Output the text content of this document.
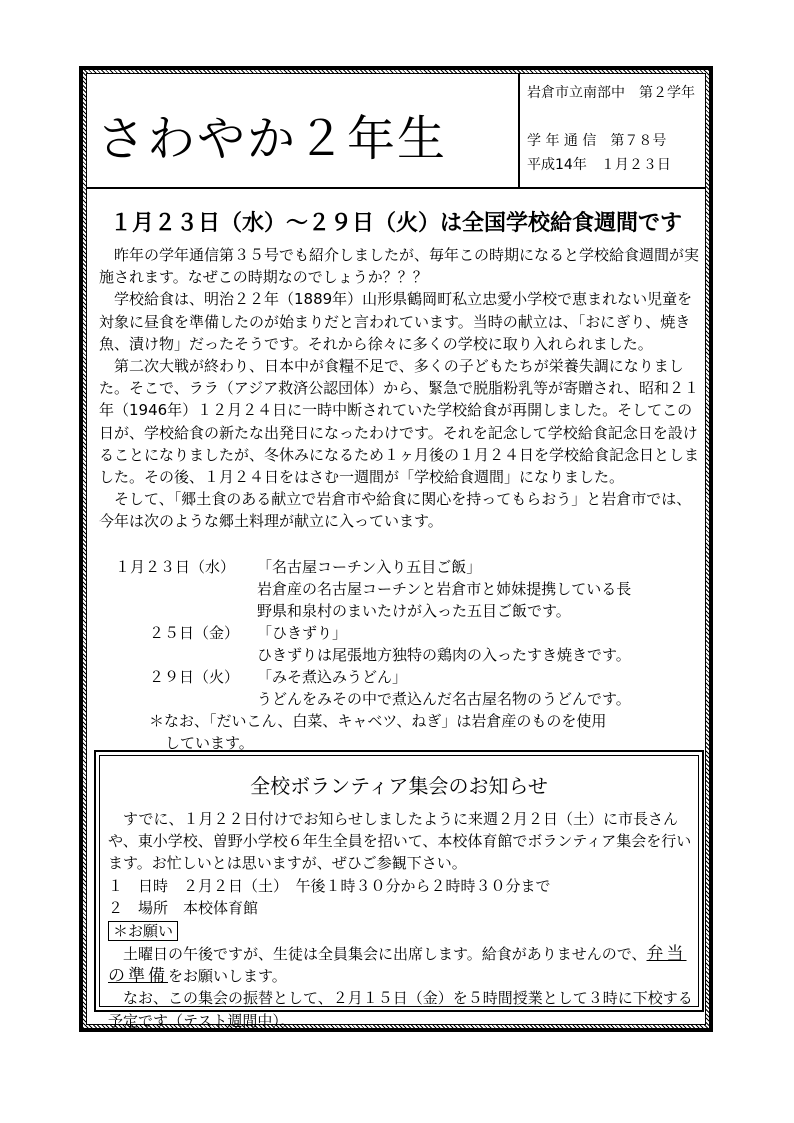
さわやか２年生
岩倉市立南部中　第２学年
学 年 通 信　第７８号
平成14年　１月２３日
１月２３日（水）～２９日（火）は全国学校給食週間です

昨年の学年通信第３５号でも紹介しましたが、毎年この時期になると学校給食週間が実施されます。なぜこの時期なのでしょうか？？？

学校給食は、明治２２年（1889年）山形県鶴岡町私立忠愛小学校で恵まれない児童を対象に昼食を準備したのが始まりだと言われています。当時の献立は、「おにぎり、焼き魚、漬け物」だったそうです。それから徐々に多くの学校に取り入れられました。

第二次大戦が終わり、日本中が食糧不足で、多くの子どもたちが栄養失調になりました。そこで、ララ（アジア救済公認団体）から、緊急で脱脂粉乳等が寄贈され、昭和２１年（1946年）１２月２４日に一時中断されていた学校給食が再開しました。そしてこの日が、学校給食の新たな出発日になったわけです。それを記念して学校給食記念日を設けることになりましたが、冬休みになるため１ヶ月後の１月２４日を学校給食記念日としました。その後、１月２４日をはさむ一週間が「学校給食週間」になりました。

そして、「郷土食のある献立で岩倉市や給食に関心を持ってもらおう」と岩倉市では、今年は次のような郷土料理が献立に入っています。

１月２３日（水） 「名古屋コーチン入り五目ご飯」
岩倉産の名古屋コーチンと岩倉市と姉妹提携している長
野県和泉村のまいたけが入った五目ご飯です。
２５日（金） 「ひきずり」
ひきずりは尾張地方独特の鶏肉の入ったすき焼きです。
２９日（火） 「みそ煮込みうどん」
うどんをみその中で煮込んだ名古屋名物のうどんです。
＊なお、「だいこん、白菜、キャベツ、ねぎ」は岩倉産のものを使用
しています。
全校ボランティア集会のお知らせ

すでに、１月２２日付けでお知らせしましたように来週２月２日（土）に市長さんや、東小学校、曽野小学校６年生全員を招いて、本校体育館でボランティア集会を行います。お忙しいとは思いますが、ぜひご参観下さい。

１　日時　２月２日（土）　午後１時３０分から２時時３０分まで

２　場所　本校体育館

＊お願い

土曜日の午後ですが、生徒は全員集会に出席します。給食がありませんので、弁当の準備をお願いします。

なお、この集会の振替として、２月１５日（金）を５時間授業として３時に下校する予定です（テスト週間中）。
